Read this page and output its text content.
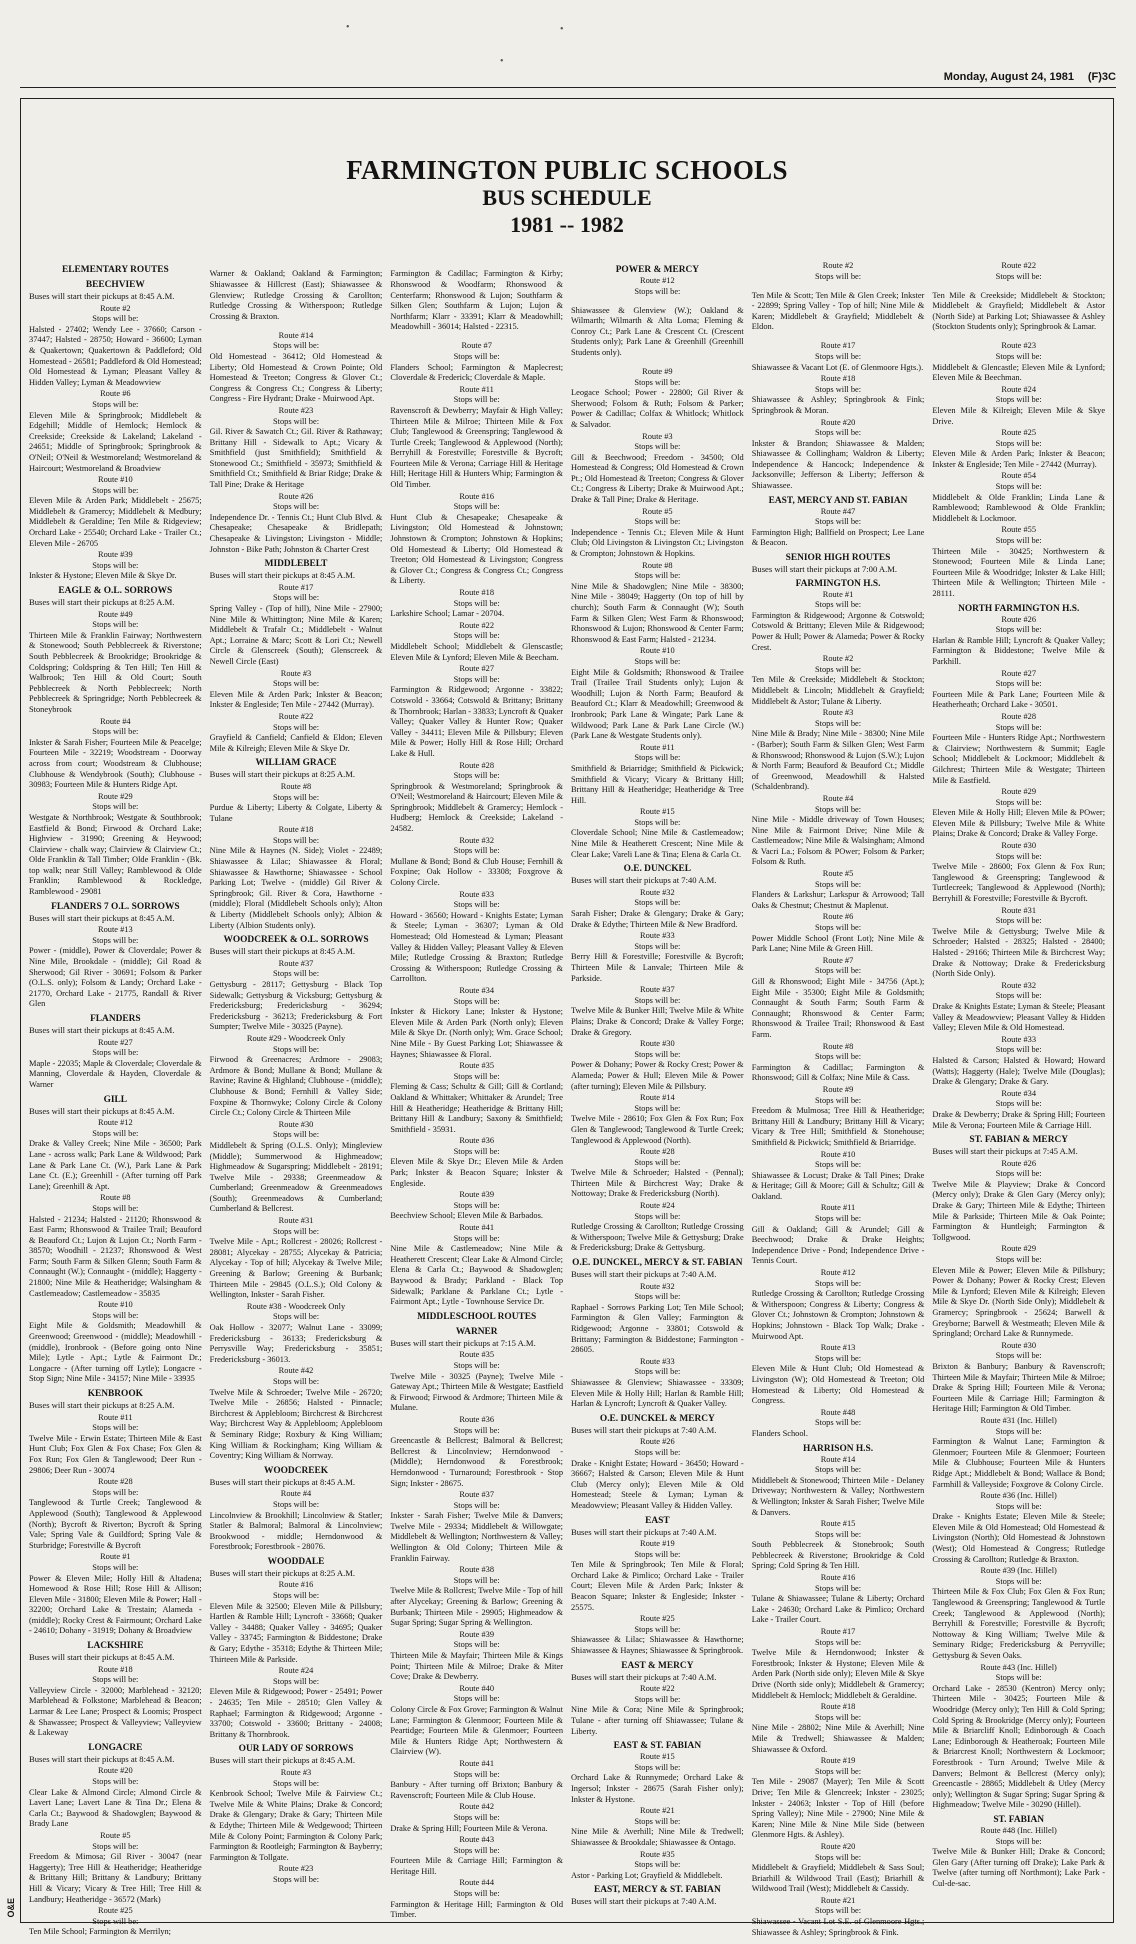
•	•
•
Monday, August 24, 1981 (F)3C
FARMINGTON PUBLIC SCHOOLS
BUS SCHEDULE
1981 -- 1982
ELEMENTARY ROUTES
BEECHVIEW
Buses will start their pickups at 8:45 A.M.
Route #2
Stops will be:

Halsted - 27402; Wendy Lee - 37660; Carson - 37447; Halsted - 28750; Howard - 36600; Lyman & Quakertown; Quakertown & Paddleford; Old Homestead - 26581; Paddleford & Old Homestead; Old Homestead & Lyman; Pleasant Valley & Hidden Valley; Lyman & Meadowview

Route #6
Stops will be:

Eleven Mile & Springbrook; Middlebelt & Edgehill; Middle of Hemlock; Hemlock & Creekside; Creekside & Lakeland; Lakeland - 24651; Middle of Springbrook; Springbrook & O'Neil; O'Neil & Westmoreland; Westmoreland & Haircourt; Westmoreland & Broadview

Route #10
Stops will be:

Eleven Mile & Arden Park; Middlebelt - 25675; Middlebelt & Gramercy; Middlebelt & Medbury; Middlebelt & Geraldine; Ten Mile & Ridgeview; Orchard Lake - 25540; Orchard Lake - Trailer Ct.; Eleven Mile - 26705

Route #39
Stops will be:

Inkster & Hystone; Eleven Mile & Skye Dr.

EAGLE & O.L. SORROWS
Buses will start their pickups at 8:25 A.M.
Route #49
Stops will be:

Thirteen Mile & Franklin Fairway; Northwestern & Stonewood; South Pebblecreek & Riverstone; South Pebblecreek & Brookridge; Brookridge & Coldspring; Coldspring & Ten Hill; Ten Hill & Walbrook; Ten Hill & Old Court; South Pebblecreek & North Pebblecreek; North Pebblecreek & Springridge; North Pebblecreek & Stoneybrook

Route #4
Stops will be:

Inkster & Sarah Fisher; Fourteen Mile & Peacelge; Fourteen Mile - 32219; Woodstream - Doorway across from court; Woodstream & Clubhouse; Clubhouse & Wendybrook (South); Clubhouse - 30983; Fourteen Mile & Hunters Ridge Apt.

Route #29
Stops will be:

Westgate & Northbrook; Westgate & Southbrook; Eastfield & Bond; Firwood & Orchard Lake; Highview - 31990; Greening & Heywood; Clairview - chalk way; Clairview & Clairview Ct.; Olde Franklin & Tall Timber; Olde Franklin - (Bk. top walk; near Still Valley; Ramblewood & Olde Franklin; Ramblewood & Rockledge, Ramblewood - 29081

FLANDERS 7 O.L. SORROWS
Buses will start their pickups at 8:45 A.M.
Route #13
Stops will be:

Power - (middle), Power & Cloverdale; Power & Nine Mile, Brookdale - (middle); Gil Road & Sherwood; Gil River - 30691; Folsom & Parker (O.L.S. only); Folsom & Landy; Orchard Lake - 21770, Orchard Lake - 21775, Randall & River Glen

FLANDERS
Buses will start their pickups at 8:45 A.M.
Route #27
Stops will be:

Maple - 22035; Maple & Cloverdale; Cloverdale & Manning, Cloverdale & Hayden, Cloverdale & Warner

GILL
Buses will start their pickups at 8:45 A.M.
Route #12
Stops will be:

Drake & Valley Creek; Nine Mile - 36500; Park Lane - across walk; Park Lane & Wildwood; Park Lane & Park Lane Ct. (W.), Park Lane & Park Lane Ct. (E.); Greenhill - (After turning off Park Lane); Greenhill & Apt.

Route #8
Stops will be:

Halsted - 21234; Halsted - 21120; Rhonswood & East Farm; Rhonswood & Trailee Trail; Beauford & Beauford Ct.; Lujon & Lujon Ct.; North Farm - 38570; Woodhill - 21237; Rhonswood & West Farm; South Farm & Silken Glenn; South Farm & Connaught (W.); Connaught - (middle); Haggerty - 21800; Nine Mile & Heatheridge; Walsingham & Castlemeadow; Castlemeadow - 35835

Route #10
Stops will be:

Eight Mile & Goldsmith; Meadowhill & Greenwood; Greenwood - (middle); Meadowhill - (middle), Ironbrook - (Before going onto Nine Mile); Lytle - Apt.; Lytle & Fairmont Dr.; Longacre - (After turning off Lytle); Longacre - Stop Sign; Nine Mile - 34157; Nine Mile - 33935

KENBROOK
Buses will start their pickups at 8:25 A.M.
Route #11
Stops will be:

Twelve Mile - Erwin Estate; Thirteen Mile & East Hunt Club; Fox Glen & Fox Chase; Fox Glen & Fox Run; Fox Glen & Tanglewood; Deer Run - 29806; Deer Run - 30074

Route #28
Stops will be:

Tanglewood & Turtle Creek; Tanglewood & Applewood (South); Tanglewood & Applewood (North); Bycroft & Riverton; Bycroft & Spring Vale; Spring Vale & Guildford; Spring Vale & Sturbridge; Forestville & Bycroft

Route #1
Stops will be:

Power & Eleven Mile; Holly Hill & Altadena; Homewood & Rose Hill; Rose Hill & Allison; Eleven Mile - 31800; Eleven Mile & Power; Hall - 32200; Orchard Lake & Trestain; Alameda - (middle); Rocky Crest & Fairmount; Orchard Lake - 24610; Dohany - 31919; Dohany & Broadview

LACKSHIRE
Buses will start their pickups at 8:45 A.M.
Route #18
Stops will be:

Valleyview Circle - 32000; Marblehead - 32120; Marblehead & Folkstone; Marblehead & Beacon; Larmar & Lee Lane; Prospect & Loomis; Prospect & Shawassee; Prospect & Valleyview; Valleyview & Lakeway

LONGACRE
Buses will start their pickups at 8:45 A.M.
Route #20
Stops will be:

Clear Lake & Almond Circle; Almond Circle & Lavert Lane; Lavert Lane & Tina Dr.; Elena & Carla Ct.; Baywood & Shadowglen; Baywood & Brady Lane

Route #5
Stops will be:

Freedom & Mimosa; Gil River - 30047 (near Haggerty); Tree Hill & Heatheridge; Heatheridge & Brittany Hill; Brittany & Landbury; Brittany Hill & Vicary; Vicary & Tree Hill; Tree Hill & Landbury; Heatheridge - 36572 (Mark)

Route #25
Stops will be:

Ten Mile School; Farmington & Merrilyn;

Warner & Oakland; Oakland & Farmington; Shiawassee & Hillcrest (East); Shiawassee & Glenview; Rutledge Crossing & Carollton; Rutledge Crossing & Witherspoon; Rutledge Crossing & Braxton.

Route #14
Stops will be:

Old Homestead - 36412; Old Homestead & Liberty; Old Homestead & Crown Pointe; Old Homestead & Treeton; Congress & Glover Ct.; Congress & Congress Ct.; Congress & Liberty; Congress - Fire Hydrant; Drake - Muirwood Apt.

Route #23
Stops will be:

Gil. River & Sawatch Ct.; Gil. River & Rathaway; Brittany Hill - Sidewalk to Apt.; Vicary & Smithfield (just Smithfield); Smithfield & Stonewood Ct.; Smithfield - 35973; Smithfield & Smithfield Ct.; Smithfield & Briar Ridge; Drake & Tall Pine; Drake & Heritage

Route #26
Stops will be:

Independence Dr. - Tennis Ct.; Hunt Club Blvd. & Chesapeake; Chesapeake & Bridlepath; Chesapeake & Livingston; Livingston - Middle; Johnston - Bike Path; Johnston & Charter Crest

MIDDLEBELT
Buses will start their pickups at 8:45 A.M.
Route #17
Stops will be:

Spring Valley - (Top of hill), Nine Mile - 27900; Nine Mile & Whittington; Nine Mile & Karen; Middlebelt & Trafalr Ct.; Middlebelt - Walnut Apt.; Lorraine & Marc; Scott & Lori Ct.; Newell Circle & Glenscreek (South); Glenscreek & Newell Circle (East)

Route #3
Stops will be:

Eleven Mile & Arden Park; Inkster & Beacon; Inkster & Engleside; Ten Mile - 27442 (Murray).

Route #22
Stops will be:

Grayfield & Canfield; Canfield & Eldon; Eleven Mile & Kilreigh; Eleven Mile & Skye Dr.

WILLIAM GRACE
Buses will start their pickups at 8:25 A.M.
Route #8
Stops will be:

Purdue & Liberty; Liberty & Colgate, Liberty & Tulane

Route #18
Stops will be:

Nine Mile & Haynes (N. Side); Violet - 22489; Shiawassee & Lilac; Shiawassee & Floral; Shiawassee & Hawthorne; Shiawassee - School Parking Lot; Twelve - (middle) Gil River & Springbrook; Gil. River & Cora, Hawthorne - (middle); Floral (Middlebelt Schools only); Alton & Liberty (Middlebelt Schools only); Albion & Liberty (Albion Students only).

WOODCREEK & O.L. SORROWS
Buses will start their pickups at 8:45 A.M.
Route #37
Stops will be:

Gettysburg - 28117; Gettysburg - Black Top Sidewalk; Gettysburg & Vicksburg; Gettysburg & Fredericksburg; Fredericksburg - 36294; Fredericksburg - 36213; Fredericksburg & Fort Sumpter; Twelve Mile - 30325 (Payne).

Route #29 - Woodcreek Only
Stops will be:

Firwood & Greenacres; Ardmore - 29083; Ardmore & Bond; Mullane & Bond; Mullane & Ravine; Ravine & Highland; Clubhouse - (middle); Clubhouse & Bond; Fernhill & Valley Side; Foxpine & Thornwyke; Colony Circle & Colony Circle Ct.; Colony Circle & Thirteen Mile

Route #30
Stops will be:

Middlebelt & Spring (O.L.S. Only); Mingleview (Middle); Summerwood & Highmeadow; Highmeadow & Sugarspring; Middlebelt - 28191; Twelve Mile - 29338; Greenmeadow & Cumberland; Greenmeadow & Greenmeadows (South); Greenmeadows & Cumberland; Cumberland & Bellcrest.

Route #31
Stops will be:

Twelve Mile - Apt.; Rollcrest - 28026; Rollcrest - 28081; Alycekay - 28755; Alycekay & Patricia; Alycekay - Top of hill; Alycekay & Twelve Mile; Greening & Barlow; Greening & Burbank; Thirteen Mile - 29845 (O.L.S.); Old Colony & Wellington, Inkster - Sarah Fisher.

Route #38 - Woodcreek Only
Stops will be:

Oak Hollow - 32077; Walnut Lane - 33099; Fredericksburg - 36133; Fredericksburg & Perrysville Way; Fredericksburg - 35851; Fredericksburg - 36013.

Route #42
Stops will be:

Twelve Mile & Schroeder; Twelve Mile - 26720; Twelve Mile - 26856; Halsted - Pinnacle; Birchcrest & Applebloom; Birchcrest & Birchcrest Way; Birchcrest Way & Applebloom; Applebloom & Seminary Ridge; Roxbury & King William; King William & Rockingham; King William & Coventry; King William & Norrway.

WOODCREEK
Buses will start their pickups at 8:45 A.M.
Route #4
Stops will be:

Lincolnview & Brookhill; Lincolnview & Statler; Statler & Balmoral; Balmoral & Lincolnview; Brookwood - middle; Herndonwood & Forestbrook; Forestbrook - 28076.

WOODDALE
Buses will start their pickups at 8:25 A.M.
Route #16
Stops will be:

Eleven Mile & 32500; Eleven Mile & Pillsbury; Hartlen & Ramble Hill; Lyncroft - 33668; Quaker Valley - 34488; Quaker Valley - 34695; Quaker Valley - 33745; Farmington & Biddestone; Drake & Gary; Edythe - 35318; Edythe & Thirteen Mile; Thirteen Mile & Parkside.

Route #24
Stops will be:

Eleven Mile & Ridgewood; Power - 25491; Power - 24635; Ten Mile - 28510; Glen Valley & Raphael; Farmington & Ridgewood; Argonne - 33700; Cotswold - 33600; Brittany - 24008; Brittany & Thornbrook.

OUR LADY OF SORROWS
Buses will start their pickups at 8:45 A.M.
Route #3
Stops will be:

Kenbrook School; Twelve Mile & Fairview Ct.; Twelve Mile & White Plains; Drake & Concord; Drake & Glengary; Drake & Gary; Thirteen Mile & Edythe; Thirteen Mile & Wedgewood; Thirteen Mile & Colony Point; Farmington & Colony Park; Farmington & Rootleigh; Farmington & Bayberry; Farmington & Tollgate.

Route #23
Stops will be:

Farmington & Cadillac; Farmington & Kirby; Rhonswood & Woodfarm; Rhonswood & Centerfarm; Rhonswood & Lujon; Southfarm & Silken Glen; Southfarm & Lujon; Lujon & Northfarm; Klarr - 33391; Klarr & Meadowhill; Meadowhill - 36014; Halsted - 22315.

Route #7
Stops will be:

Flanders School; Farmington & Maplecrest; Cloverdale & Frederick; Cloverdale & Maple.

Route #11
Stops will be:

Ravenscroft & Dewberry; Mayfair & High Valley; Thirteen Mile & Milroe; Thirteen Mile & Fox Club; Tanglewood & Greenspring; Tanglewood & Turtle Creek; Tanglewood & Applewood (North); Berryhill & Forestville; Forestville & Bycroft; Fourteen Mile & Verona; Carriage Hill & Heritage Hill; Heritage Hill & Hunters Whip; Farmington & Old Timber.

Route #16
Stops will be:

Hunt Club & Chesapeake; Chesapeake & Livingston; Old Homestead & Johnstown; Johnstown & Crompton; Johnstown & Hopkins; Old Homestead & Liberty; Old Homestead & Treeton; Old Homestead & Livingston; Congress & Glover Ct.; Congress & Congress Ct.; Congress & Liberty.

Route #18
Stops will be:

Larkshire School; Lamar - 20704.

Route #22
Stops will be:

Middlebelt School; Middlebelt & Glenscastle; Eleven Mile & Lynford; Eleven Mile & Beecham.

Route #27
Stops will be:

Farmington & Ridgewood; Argonne - 33822; Cotswold - 33664; Cotswold & Brittany; Brittany & Thornbrook; Harlan - 33833; Lyncroft & Quaker Valley; Quaker Valley & Hunter Row; Quaker Valley - 34411; Eleven Mile & Pillsbury; Eleven Mile & Power; Holly Hill & Rose Hill; Orchard Lake & Hull.

Route #28
Stops will be:

Springbrook & Westmoreland; Springbrook & O'Neil; Westmoreland & Haircourt; Eleven Mile & Springbrook; Middlebelt & Gramercy; Hemlock - Hudberg; Hemlock & Creekside; Lakeland - 24582.

Route #32
Stops will be:

Mullane & Bond; Bond & Club House; Fernhill & Foxpine; Oak Hollow - 33308; Foxgrove & Colony Circle.

Route #33
Stops will be:

Howard - 36560; Howard - Knights Estate; Lyman & Steele; Lyman - 36307; Lyman & Old Homestead; Old Homestead & Lyman; Pleasant Valley & Hidden Valley; Pleasant Valley & Eleven Mile; Rutledge Crossing & Braxton; Rutledge Crossing & Witherspoon; Rutledge Crossing & Carrollton.

Route #34
Stops will be:

Inkster & Hickory Lane; Inkster & Hystone; Eleven Mile & Arden Park (North only); Eleven Mile & Skye Dr. (North only); Wm. Grace School; Nine Mile - By Guest Parking Lot; Shiawassee & Haynes; Shiawassee & Floral.

Route #35
Stops will be:

Fleming & Cass; Schultz & Gill; Gill & Cortland; Oakland & Whittaker; Whittaker & Arundel; Tree Hill & Heatheridge; Heatheridge & Brittany Hill; Brittany Hill & Landbury; Saxony & Smithfield; Smithfield - 35931.

Route #36
Stops will be:

Eleven Mile & Skye Dr.; Eleven Mile & Arden Park; Inkster & Beacon Square; Inkster & Engleside.

Route #39
Stops will be:

Beechview School; Eleven Mile & Barbados.

Route #41
Stops will be:

Nine Mile & Castlemeadow; Nine Mile & Heatherett Crescent; Clear Lake & Almond Circle; Elena & Carla Ct.; Baywood & Shadowglen; Baywood & Brady; Parkland - Black Top Sidewalk; Parklane & Parklane Ct.; Lytle - Fairmont Apt.; Lytle - Townhouse Service Dr.

MIDDLESCHOOL ROUTES
WARNER
Buses will start their pickups at 7:15 A.M.
Route #35
Stops will be:

Twelve Mile - 30325 (Payne); Twelve Mile - Gateway Apt.; Thirteen Mile & Westgate; Eastfield & Firwood; Firwood & Ardmore; Thirteen Mile & Mulane.

Route #36
Stops will be:

Greencastle & Bellcrest; Balmoral & Bellcrest; Bellcrest & Lincolnview; Herndonwood - (Middle); Herndonwood & Forestbrook; Herndonwood - Turnaround; Forestbrook - Stop Sign; Inkster - 28675.

Route #37
Stops will be:

Inkster - Sarah Fisher; Twelve Mile & Danvers; Twelve Mile - 29334; Middlebelt & Willowgate; Middlebelt & Wellington; Northwestern & Valley; Wellington & Old Colony; Thirteen Mile & Franklin Fairway.

Route #38
Stops will be:

Twelve Mile & Rollcrest; Twelve Mile - Top of hill after Alycekay; Greening & Barlow; Greening & Burbank; Thirteen Mile - 29905; Highmeadow & Sugar Spring; Sugar Spring & Wellington.

Route #39
Stops will be:

Thirteen Mile & Mayfair; Thirteen Mile & Kings Point; Thirteen Mile & Milroe; Drake & Miter Cove; Drake & Dewberry.

Route #40
Stops will be:

Colony Circle & Fox Grove; Farmington & Walnut Lane; Farmington & Glenmoor; Fourteen Mile & Peartidge; Fourteen Mile & Glenmoer; Fourteen Mile & Hunters Ridge Apt; Northwestern & Clairview (W).

Route #41
Stops will be:

Banbury - After turning off Brixton; Banbury & Ravenscroft; Fourteen Mile & Club House.

Route #42
Stops will be:

Drake & Spring Hill; Fourteen Mile & Verona.

Route #43
Stops will be:

Fourteen Mile & Carriage Hill; Farmington & Heritage Hill.

Route #44
Stops will be:

Farmington & Heritage Hill; Farmington & Old Timber.

POWER & MERCY
Route #12
Stops will be:

Shiawassee & Glenview (W.); Oakland & Wilmarth; Wilmarth & Alta Loma; Fleming & Conroy Ct.; Park Lane & Crescent Ct. (Crescent Students only); Park Lane & Greenhill (Greenhill Students only).

Route #9
Stops will be:

Leogace School; Power - 22800; Gil River & Sherwood; Folsom & Ruth; Folsom & Parker; Power & Cadillac; Colfax & Whitlock; Whitlock & Salvador.

Route #3
Stops will be:

Gill & Beechwood; Freedom - 34500; Old Homestead & Congress; Old Homestead & Crown Pt.; Old Homestead & Treeton; Congress & Glover Ct.; Congress & Liberty; Drake & Muirwood Apt.; Drake & Tall Pine; Drake & Heritage.

Route #5
Stops will be:

Independence - Tennis Ct.; Eleven Mile & Hunt Club; Old Livingston & Livingston Ct.; Livingston & Crompton; Johnstown & Hopkins.

Route #8
Stops will be:

Nine Mile & Shadowglen; Nine Mile - 38300; Nine Mile - 38049; Haggerty (On top of hill by church); South Farm & Connaught (W); South Farm & Silken Glen; West Farm & Rhonswood; Rhonswood & Lujon; Rhonswood & Center Farm; Rhonswood & East Farm; Halsted - 21234.

Route #10
Stops will be:

Eight Mile & Goldsmith; Rhonswood & Trailee Trail (Trailee Trail Students only); Lujon & Woodhill; Lujon & North Farm; Beauford & Beauford Ct.; Klarr & Meadowhill; Greenwood & Ironbrook; Park Lane & Wingate; Park Lane & Wildwood; Park Lane & Park Lane Circle (W.) (Park Lane & Westgate Students only).

Route #11
Stops will be:

Smithfield & Briarridge; Smithfield & Pickwick; Smithfield & Vicary; Vicary & Brittany Hill; Brittany Hill & Heatheridge; Heatheridge & Tree Hill.

Route #15
Stops will be:

Cloverdale School; Nine Mile & Castlemeadow; Nine Mile & Heatherett Crescent; Nine Mile & Clear Lake; Vareli Lane & Tina; Elena & Carla Ct.

O.E. DUNCKEL
Buses will start their pickups at 7:40 A.M.
Route #32
Stops will be:

Sarah Fisher; Drake & Glengary; Drake & Gary; Drake & Edythe; Thirteen Mile & New Bradford.

Route #33
Stops will be:

Berry Hill & Forestville; Forestville & Bycroft; Thirteen Mile & Lanvale; Thirteen Mile & Parkside.

Route #37
Stops will be:

Twelve Mile & Bunker Hill; Twelve Mile & White Plains; Drake & Concord; Drake & Valley Forge; Drake & Gregory.

Route #30
Stops will be:

Power & Dohany; Power & Rocky Crest; Power & Alameda; Power & Hull; Eleven Mile & Power (after turning); Eleven Mile & Pillsbury.

Route #14
Stops will be:

Twelve Mile - 28610; Fox Glen & Fox Run; Fox Glen & Tanglewood; Tanglewood & Turtle Creek; Tanglewood & Applewood (North).

Route #28
Stops will be:

Twelve Mile & Schroeder; Halsted - (Pennal); Thirteen Mile & Birchcrest Way; Drake & Nottoway; Drake & Fredericksburg (North).

Route #24
Stops will be:

Rutledge Crossing & Carollton; Rutledge Crossing & Witherspoon; Twelve Mile & Gettysburg; Drake & Fredericksburg; Drake & Gettysburg.

O.E. DUNCKEL, MERCY & ST. FABIAN
Buses will start their pickups at 7:40 A.M.
Route #32
Stops will be:

Raphael - Sorrows Parking Lot; Ten Mile School; Farmington & Glen Valley; Farmington & Ridgewood; Argonne - 33801; Cotswold & Brittany; Farmington & Biddestone; Farmington - 28605.

Route #33
Stops will be:

Shiawassee & Glenview; Shiawassee - 33309; Eleven Mile & Holly Hill; Harlan & Ramble Hill; Harlan & Lyncroft; Lyncroft & Quaker Valley.

O.E. DUNCKEL & MERCY
Buses will start their pickups at 7:40 A.M.
Route #26
Stops will be:

Drake - Knight Estate; Howard - 36450; Howard - 36667; Halsted & Carson; Eleven Mile & Hunt Club (Mercy only); Eleven Mile & Old Homestead; Steele & Lyman; Lyman & Meadowview; Pleasant Valley & Hidden Valley.

EAST
Buses will start their pickups at 7:40 A.M.
Route #19
Stops will be:

Ten Mile & Springbrook; Ten Mile & Floral; Orchard Lake & Pimlico; Orchard Lake - Trailer Court; Eleven Mile & Arden Park; Inkster & Beacon Square; Inkster & Engleside; Inkster - 25575.

Route #25
Stops will be:

Shiawassee & Lilac; Shiawassee & Hawthorne; Shiawassee & Haynes; Shiawassee & Springbrook.

EAST & MERCY
Buses will start their pickups at 7:40 A.M.
Route #22
Stops will be:

Nine Mile & Cora; Nine Mile & Springbrook; Tulane - after turning off Shiawassee; Tulane & Liberty.

EAST & ST. FABIAN
Route #15
Stops will be:

Orchard Lake & Runnymede; Orchard Lake & Ingersol; Inkster - 28675 (Sarah Fisher only); Inkster & Hystone.

Route #21
Stops will be:

Nine Mile & Averhill; Nine Mile & Tredwell; Shiawassee & Brookdale; Shiawassee & Ontago.

Route #35
Stops will be:

Astor - Parking Lot; Grayfield & Middlebelt.

EAST, MERCY & ST. FABIAN
Buses will start their pickups at 7:40 A.M.
Route #2
Stops will be:

Ten Mile & Scott; Ten Mile & Glen Creek; Inkster - 22899; Spring Valley - Top of hill; Nine Mile & Karen; Middlebelt & Grayfield; Middlebelt & Eldon.

Route #17
Stops will be:

Shiawassee & Vacant Lot (E. of Glenmoore Hgts.).

Route #18
Stops will be:

Shiawassee & Ashley; Springbrook & Fink; Springbrook & Moran.

Route #20
Stops will be:

Inkster & Brandon; Shiawassee & Malden; Shiawassee & Collingham; Waldron & Liberty; Independence & Hancock; Independence & Jacksonville; Jefferson & Liberty; Jefferson & Shiawassee.

EAST, MERCY AND ST. FABIAN
Route #47
Stops will be:

Farmington High; Ballfield on Prospect; Lee Lane & Beacon.

SENIOR HIGH ROUTES
Buses will start their pickups at 7:00 A.M.
FARMINGTON H.S.
Route #1
Stops will be:

Farmington & Ridgewood; Argonne & Cotswold; Cotswold & Brittany; Eleven Mile & Ridgewood; Power & Hull; Power & Alameda; Power & Rocky Crest.

Route #2
Stops will be:

Ten Mile & Creekside; Middlebelt & Stockton; Middlebelt & Lincoln; Middlebelt & Grayfield; Middlebelt & Astor; Tulane & Liberty.

Route #3
Stops will be:

Nine Mile & Brady; Nine Mile - 38300; Nine Mile - (Barber); South Farm & Silken Glen; West Farm & Rhonswood; Rhonswood & Lujon (S.W.); Lujon & North Farm; Beauford & Beauford Ct.; Middle of Greenwood, Meadowhill & Halsted (Schaldenbrand).

Route #4
Stops will be:

Nine Mile - Middle driveway of Town Houses; Nine Mile & Fairmont Drive; Nine Mile & Castlemeadow; Nine Mile & Walsingham; Almond & Vacri La.; Folsom & POwer; Folsom & Parker; Folsom & Ruth.

Route #5
Stops will be:

Flanders & Larkshur; Larkspur & Arrowood; Tall Oaks & Chestnut; Chestnut & Maplenut.

Route #6
Stops will be:

Power Middle School (Front Lot); Nine Mile & Park Lane; Nine Mile & Green Hill.

Route #7
Stops will be:

Gill & Rhonswood; Eight Mile - 34756 (Apt.); Eight Mile - 35300; Eight Mile & Goldsmith; Connaught & South Farm; South Farm & Connaught; Rhonswood & Center Farm; Rhonswood & Trailee Trail; Rhonswood & East Farm.

Route #8
Stops will be:

Farmington & Cadillac; Farmington & Rhonswood; Gill & Colfax; Nine Mile & Cass.

Route #9
Stops will be:

Freedom & Mulmosa; Tree Hill & Heatheridge; Brittany Hill & Landbury; Brittany Hill & Vicary; Vicary & Tree Hill; Smithfield & Stonehouse; Smithfield & Pickwick; Smithfield & Briarridge.

Route #10
Stops will be:

Shiawassee & Locust; Drake & Tall Pines; Drake & Heritage; Gill & Moore; Gill & Schultz; Gill & Oakland.

Route #11
Stops will be:

Gill & Oakland; Gill & Arundel; Gill & Beechwood; Drake & Drake Heights; Independence Drive - Pond; Independence Drive - Tennis Court.

Route #12
Stops will be:

Rutledge Crossing & Carollton; Rutledge Crossing & Witherspoon; Congress & Liberty; Congress & Glover Ct.; Johnstown & Crompton; Johnstown & Hopkins; Johnstown - Black Top Walk; Drake - Muirwood Apt.

Route #13
Stops will be:

Eleven Mile & Hunt Club; Old Homestead & Livingston (W); Old Homestead & Treeton; Old Homestead & Liberty; Old Homestead & Congress.

Route #48
Stops will be:

Flanders School.

HARRISON H.S.
Route #14
Stops will be:

Middlebelt & Stonewood; Thirteen Mile - Delaney Driveway; Northwestern & Valley; Northwestern & Wellington; Inkster & Sarah Fisher; Twelve Mile & Danvers.

Route #15
Stops will be:

South Pebblecreek & Stonebrook; South Pebblecreek & Riverstone; Brookridge & Cold Spring; Cold Spring & Ten Hill.

Route #16
Stops will be:

Tulane & Shiawassee; Tulane & Liberty; Orchard Lake - 24630; Orchard Lake & Pimlico; Orchard Lake - Trailer Court.

Route #17
Stops will be:

Twelve Mile & Herndonwood; Inkster & Forestbrook; Inkster & Hystone; Eleven Mile & Arden Park (North side only); Eleven Mile & Skye Drive (North side only); Middlebelt & Gramercy; Middlebelt & Hemlock; Middlebelt & Geraldine.

Route #18
Stops will be:

Nine Mile - 28802; Nine Mile & Averhill; Nine Mile & Tredwell; Shiawassee & Malden; Shiawassee & Oxford.

Route #19
Stops will be:

Ten Mile - 29087 (Mayer); Ten Mile & Scott Drive; Ten Mile & Glencreek; Inkster - 23025; Inkster - 24063; Inkster - Top of Hill (before Spring Valley); Nine Mile - 27900; Nine Mile & Karen; Nine Mile & Nine Mile Side (between Glenmore Hgts. & Ashley).

Route #20
Stops will be:

Middlebelt & Grayfield; Middlebelt & Sass Soul; Briarhill & Wildwood Trail (East); Briarhill & Wildwood Trail (West); Middlebelt & Cassidy.

Route #21
Stops will be:

Shiawassee - Vacant Lot S.E. of Glenmoore Hgts.; Shiawassee & Ashley; Springbrook & Fink.

Route #22
Stops will be:

Ten Mile & Creekside; Middlebelt & Stockton; Middlebelt & Grayfield; Middlebelt & Astor (North Side) at Parking Lot; Shiawassee & Ashley (Stockton Students only); Springbrook & Lamar.

Route #23
Stops will be:

Middlebelt & Glencastle; Eleven Mile & Lynford; Eleven Mile & Beechman.

Route #24
Stops will be:

Eleven Mile & Kilreigh; Eleven Mile & Skye Drive.

Route #25
Stops will be:

Eleven Mile & Arden Park; Inkster & Beacon; Inkster & Engleside; Ten Mile - 27442 (Murray).

Route #54
Stops will be:

Middlebelt & Olde Franklin; Linda Lane & Ramblewood; Ramblewood & Olde Franklin; Middlebelt & Lockmoor.

Route #55
Stops will be:

Thirteen Mile - 30425; Northwestern & Stonewood; Fourteen Mile & Linda Lane; Fourteen Mile & Woodridge; Inkster & Lake Hill; Thirteen Mile & Wellington; Thirteen Mile - 28111.

NORTH FARMINGTON H.S.
Route #26
Stops will be:

Harlan & Ramble Hill; Lyncroft & Quaker Valley; Farmington & Biddestone; Twelve Mile & Parkhill.

Route #27
Stops will be:

Fourteen Mile & Park Lane; Fourteen Mile & Heatherheath; Orchard Lake - 30501.

Route #28
Stops will be:

Fourteen Mile - Hunters Ridge Apt.; Northwestern & Clairview; Northwestern & Summit; Eagle School; Middlebelt & Lockmoor; Middlebelt & Gilchrest; Thirteen Mile & Westgate; Thirteen Mile & Eastfield.

Route #29
Stops will be:

Eleven Mile & Holly Hill; Eleven Mile & POwer; Eleven Mile & Pillsbury; Twelve Mile & White Plains; Drake & Concord; Drake & Valley Forge.

Route #30
Stops will be:

Twelve Mile - 28600; Fox Glenn & Fox Run; Tanglewood & Greenspring; Tanglewood & Turtlecreek; Tanglewood & Applewood (North); Berryhill & Forestville; Forestville & Bycroft.

Route #31
Stops will be:

Twelve Mile & Gettysburg; Twelve Mile & Schroeder; Halsted - 28325; Halsted - 28400; Halsted - 29166; Thirteen Mile & Birchcrest Way; Drake & Nottoway; Drake & Fredericksburg (North Side Only).

Route #32
Stops will be:

Drake & Knights Estate; Lyman & Steele; Pleasant Valley & Meadowview; Pleasant Valley & Hidden Valley; Eleven Mile & Old Homestead.

Route #33
Stops will be:

Halsted & Carson; Halsted & Howard; Howard (Watts); Haggerty (Hale); Twelve Mile (Douglas); Drake & Glengary; Drake & Gary.

Route #34
Stops will be:

Drake & Dewberry; Drake & Spring Hill; Fourteen Mile & Verona; Fourteen Mile & Carriage Hill.

ST. FABIAN & MERCY
Buses will start their pickups at 7:45 A.M.
Route #26
Stops will be:

Twelve Mile & Playview; Drake & Concord (Mercy only); Drake & Glen Gary (Mercy only); Drake & Gary; Thirteen Mile & Edythe; Thirteen Mile & Parkside; Thirteen Mile & Oak Pointe; Farmington & Huntleigh; Farmington & Tollgwood.

Route #29
Stops will be:

Eleven Mile & Power; Eleven Mile & Pillsbury; Power & Dohany; Power & Rocky Crest; Eleven Mile & Lynford; Eleven Mile & Kilreigh; Eleven Mile & Skye Dr. (North Side Only); Middlebelt & Gramercy; Springbrook - 25624; Barwell & Greyborne; Barwell & Westmeath; Eleven Mile & Springland; Orchard Lake & Runnymede.

Route #30
Stops will be:

Brixton & Banbury; Banbury & Ravenscroft; Thirteen Mile & Mayfair; Thirteen Mile & Milroe; Drake & Spring Hill; Fourteen Mile & Verona; Fourteen Mile & Carriage Hill; Farmington & Heritage Hill; Farmington & Old Timber.

Route #31 (Inc. Hillel)
Stops will be:

Farmington & Walnut Lane; Farmington & Glenmoer; Fourteen Mile & Glenmoer; Fourteen Mile & Clubhouse; Fourteen Mile & Hunters Ridge Apt.; Middlebelt & Bond; Wallace & Bond; Farmhill & Valleyside; Foxgrove & Colony Circle.

Route #36 (Inc. Hillel)
Stops will be:

Drake - Knights Estate; Eleven Mile & Steele; Eleven Mile & Old Homestead; Old Homestead & Livingston (North); Old Homestead & Johnstown (West); Old Homestead & Congress; Rutledge Crossing & Carollton; Rutledge & Braxton.

Route #39 (Inc. Hillel)
Stops will be:

Thirteen Mile & Fox Club; Fox Glen & Fox Run; Tanglewood & Greenspring; Tanglewood & Turtle Creek; Tanglewood & Applewood (North); Berryhill & Forestville; Forestville & Bycroft; Nottoway & King William; Twelve Mile & Seminary Ridge; Fredericksburg & Perryville; Gettysburg & Seven Oaks.

Route #43 (Inc. Hillel)
Stops will be:

Orchard Lake - 28530 (Kentron) Mercy only; Thirteen Mile - 30425; Fourteen Mile & Woodridge (Mercy only); Ten Hill & Cold Spring; Cold Spring & Brookridge (Mercy only); Fourteen Mile & Briarcliff Knoll; Edinborough & Coach Lane; Edinborough & Heatheroak; Fourteen Mile & Briarcrest Knoll; Northwestern & Lockmoor; Forestbrook - Turn Around; Twelve Mile & Danvers; Belmont & Bellcrest (Mercy only); Greencastle - 28865; Middlebelt & Utley (Mercy only); Wellington & Sugar Spring; Sugar Spring & Highmeadow; Twelve Mile - 30290 (Hillel).

ST. FABIAN
Route #48 (Inc. Hillel)
Stops will be:

Twelve Mile & Bunker Hill; Drake & Concord; Glen Gary (After turning off Drake); Lake Park & Twelve (after turning off Northmont); Lake Park - Cul-de-sac.

O&E
